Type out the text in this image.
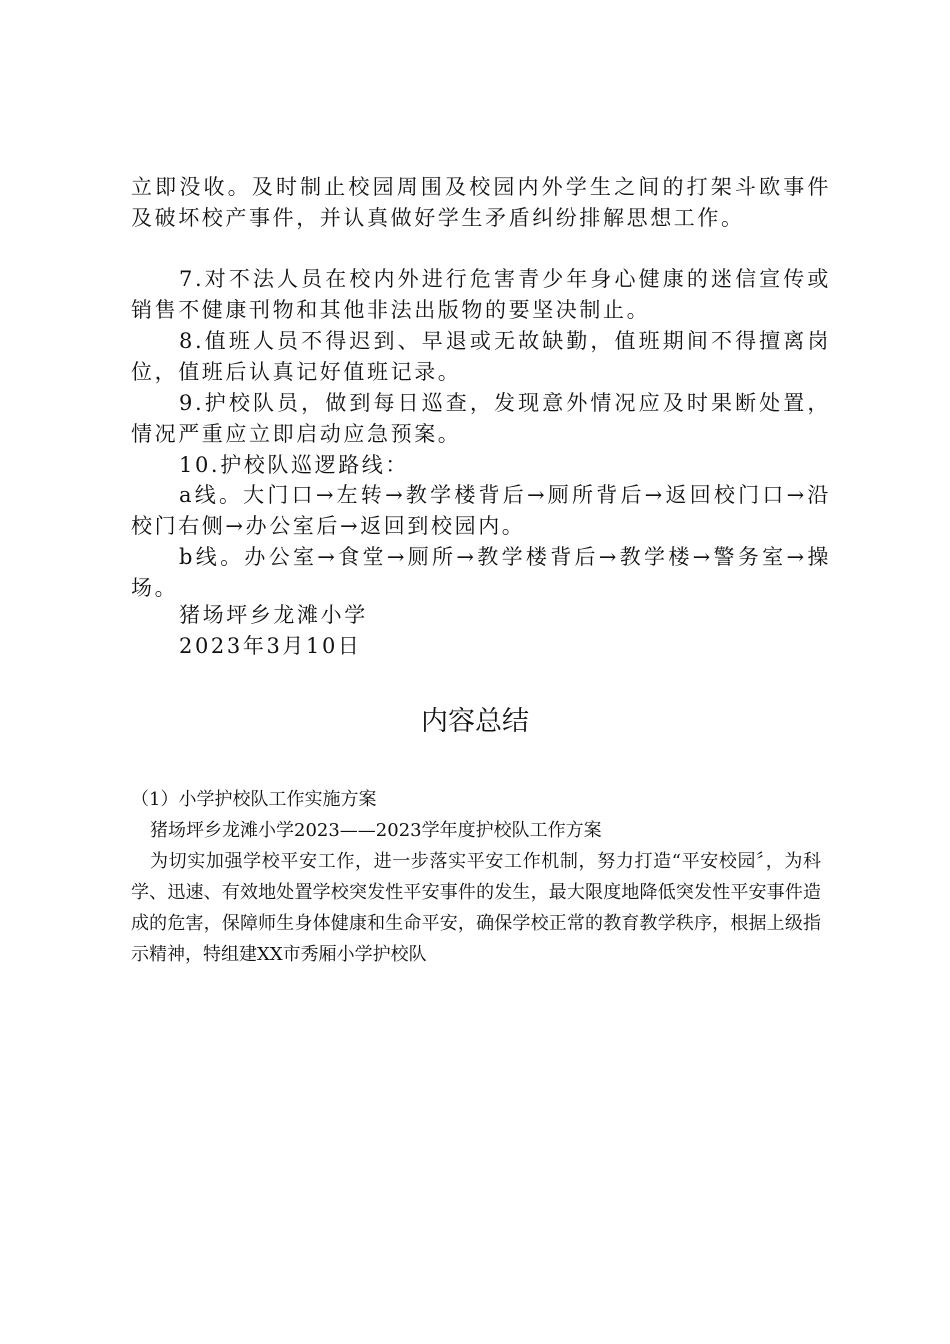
立即没收。及时制止校园周围及校园内外学生之间的打架斗欧事件及破坏校产事件，并认真做好学生矛盾纠纷排解思想工作。

7.对不法人员在校内外进行危害青少年身心健康的迷信宣传或销售不健康刊物和其他非法出版物的要坚决制止。

8.值班人员不得迟到、早退或无故缺勤，值班期间不得擅离岗位，值班后认真记好值班记录。

9.护校队员，做到每日巡查，发现意外情况应及时果断处置，情况严重应立即启动应急预案。

10.护校队巡逻路线：

a线。大门口→左转→教学楼背后→厕所背后→返回校门口→沿校门右侧→办公室后→返回到校园内。

b线。办公室→食堂→厕所→教学楼背后→教学楼→警务室→操场。

猪场坪乡龙滩小学

2023年3月10日

内容总结

（1）小学护校队工作实施方案

猪场坪乡龙滩小学2023——2023学年度护校队工作方案

为切实加强学校平安工作，进一步落实平安工作机制，努力打造“平安校园〞，为科学、迅速、有效地处置学校突发性平安事件的发生，最大限度地降低突发性平安事件造成的危害，保障师生身体健康和生命平安，确保学校正常的教育教学秩序，根据上级指示精神，特组建XX市秀厢小学护校队
